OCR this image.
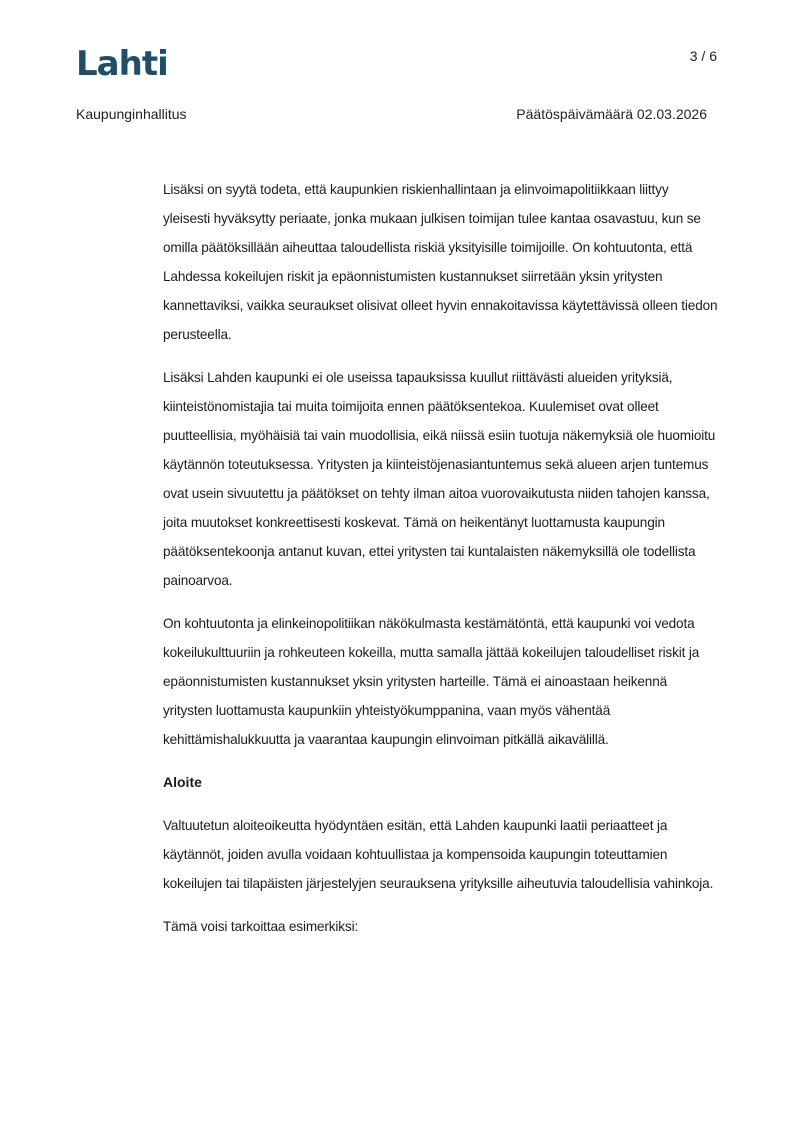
Lahti	3 / 6
Kaupunginhallitus	Päätöspäivämäärä 02.03.2026

Lisäksi on syytä todeta, että kaupunkien riskienhallintaan ja elinvoimapolitiikkaan liittyy yleisesti hyväksytty periaate, jonka mukaan julkisen toimijan tulee kantaa osavastuu, kun se omilla päätöksillään aiheuttaa taloudellista riskiä yksityisille toimijoille. On kohtuutonta, että Lahdessa kokeilujen riskit ja epäonnistumisten kustannukset siirretään yksin yritysten kannettaviksi, vaikka seuraukset olisivat olleet hyvin ennakoitavissa käytettävissä olleen tiedon perusteella.

Lisäksi Lahden kaupunki ei ole useissa tapauksissa kuullut riittävästi alueiden yrityksiä, kiinteistönomistajia tai muita toimijoita ennen päätöksentekoa. Kuulemiset ovat olleet puutteellisia, myöhäisiä tai vain muodollisia, eikä niissä esiin tuotuja näkemyksiä ole huomioitu käytännön toteutuksessa. Yritysten ja kiinteistöjenasiantuntemus sekä alueen arjen tuntemus ovat usein sivuutettu ja päätökset on tehty ilman aitoa vuorovaikutusta niiden tahojen kanssa, joita muutokset konkreettisesti koskevat. Tämä on heikentänyt luottamusta kaupungin päätöksentekoonja antanut kuvan, ettei yritysten tai kuntalaisten näkemyksillä ole todellista painoarvoa.

On kohtuutonta ja elinkeinopolitiikan näkökulmasta kestämätöntä, että kaupunki voi vedota kokeilukulttuuriin ja rohkeuteen kokeilla, mutta samalla jättää kokeilujen taloudelliset riskit ja epäonnistumisten kustannukset yksin yritysten harteille. Tämä ei ainoastaan heikennä yritysten luottamusta kaupunkiin yhteistyökumppanina, vaan myös vähentää kehittämishalukkuutta ja vaarantaa kaupungin elinvoiman pitkällä aikavälillä.

Aloite

Valtuutetun aloiteoikeutta hyödyntäen esitän, että Lahden kaupunki laatii periaatteet ja käytännöt, joiden avulla voidaan kohtuullistaa ja kompensoida kaupungin toteuttamien kokeilujen tai tilapäisten järjestelyjen seurauksena yrityksille aiheutuvia taloudellisia vahinkoja.

Tämä voisi tarkoittaa esimerkiksi:
